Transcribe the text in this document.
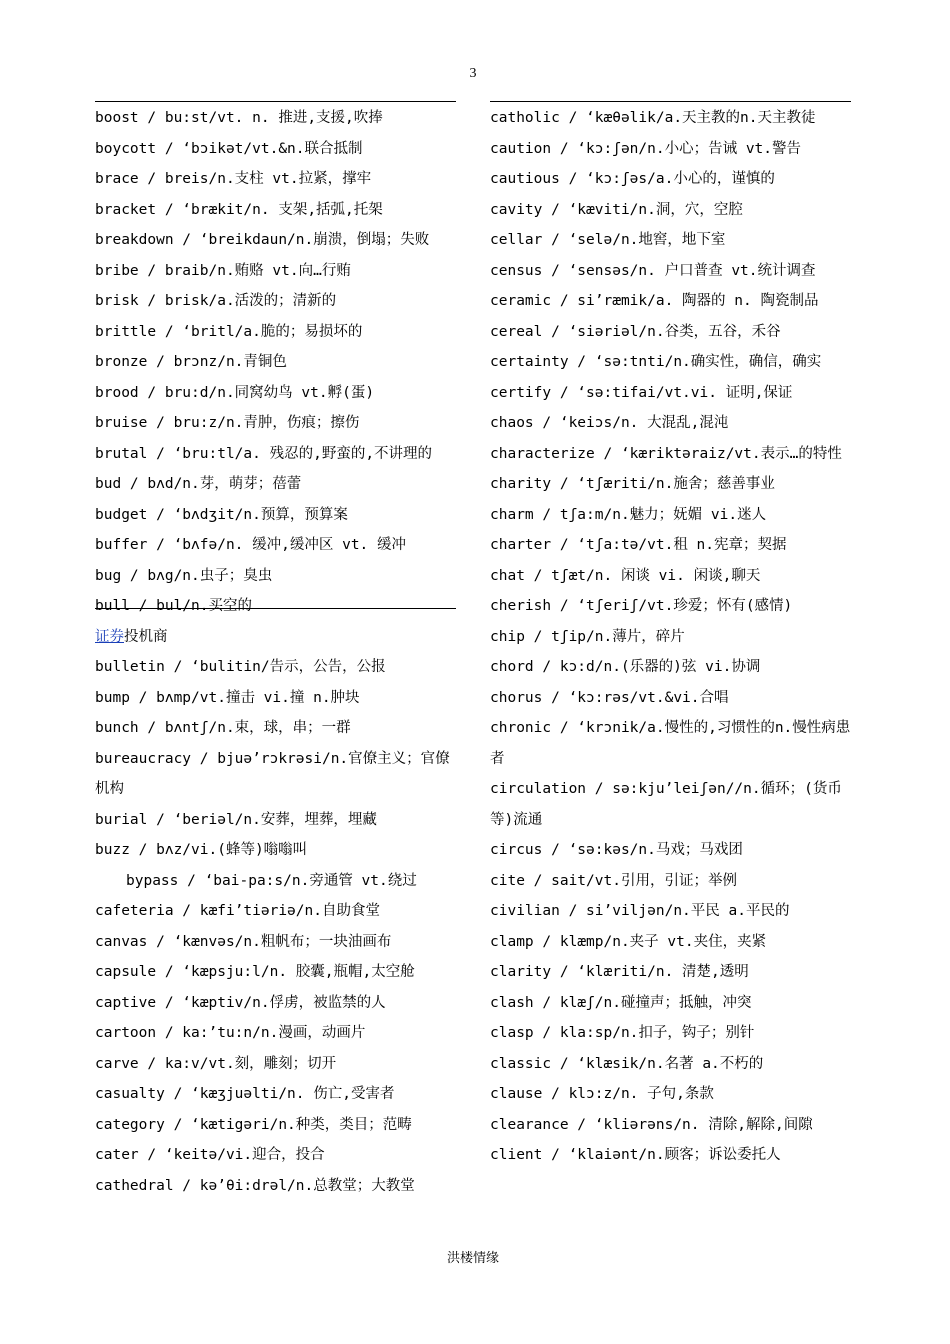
3
boost / bu:st/vt. n. 推进,支援,吹捧
boycott / ‘bɔikət/vt.&n.联合抵制
brace / breis/n.支柱 vt.拉紧，撑牢
bracket / ‘brækit/n. 支架,括弧,托架
breakdown / ‘breikdaun/n.崩溃，倒塌；失败
bribe / braib/n.贿赂 vt.向…行贿
brisk / brisk/a.活泼的；清新的
brittle / ‘britl/a.脆的；易损坏的
bronze / brɔnz/n.青铜色
brood / bru:d/n.同窝幼鸟 vt.孵(蛋)
bruise / bru:z/n.青肿，伤痕；擦伤
brutal / ‘bru:tl/a. 残忍的,野蛮的,不讲理的
bud / bʌd/n.芽，萌芽；蓓蕾
budget / ‘bʌdʒit/n.预算，预算案
buffer / ‘bʌfə/n. 缓冲,缓冲区 vt. 缓冲
bug / bʌg/n.虫子；臭虫
bull / bul/n.买空的
证券投机商
bulletin / ‘bulitin/告示，公告，公报
bump / bʌmp/vt.撞击 vi.撞 n.肿块
bunch / bʌntʃ/n.束，球，串；一群
bureaucracy / bjuə’rɔkrəsi/n.官僚主义；官僚机构
burial / ‘beriəl/n.安葬，埋葬，埋藏
buzz / bʌz/vi.(蜂等)嗡嗡叫
bypass / ‘bai-pa:s/n.旁通管 vt.绕过
cafeteria / kæfi’tiəriə/n.自助食堂
canvas / ‘kænvəs/n.粗帆布；一块油画布
capsule / ‘kæpsju:l/n. 胶囊,瓶帽,太空舱
captive / ‘kæptiv/n.俘虏，被监禁的人
cartoon / ka:’tu:n/n.漫画，动画片
carve / ka:v/vt.刻，雕刻；切开
casualty / ‘kæʒjuəlti/n. 伤亡,受害者
category / ‘kætigəri/n.种类，类目；范畴
cater / ‘keitə/vi.迎合，投合
cathedral / kə’θi:drəl/n.总教堂；大教堂
catholic / ‘kæθəlik/a.天主教的n.天主教徒
caution / ‘kɔ:ʃən/n.小心；告诫 vt.警告
cautious / ‘kɔ:ʃəs/a.小心的，谨慎的
cavity / ‘kæviti/n.洞，穴，空腔
cellar / ‘selə/n.地窖，地下室
census / ‘sensəs/n. 户口普查 vt.统计调查
ceramic / si’ræmik/a. 陶器的 n. 陶瓷制品
cereal / ‘siəriəl/n.谷类，五谷，禾谷
certainty / ‘sə:tnti/n.确实性，确信，确实
certify / ‘sə:tifai/vt.vi. 证明,保证
chaos / ‘keiɔs/n. 大混乱,混沌
characterize / ‘kæriktəraiz/vt.表示…的特性
charity / ‘tʃæriti/n.施舍；慈善事业
charm / tʃa:m/n.魅力；妩媚 vi.迷人
charter / ‘tʃa:tə/vt.租 n.宪章；契据
chat / tʃæt/n. 闲谈 vi. 闲谈,聊天
cherish / ‘tʃeriʃ/vt.珍爱；怀有(感情)
chip / tʃip/n.薄片，碎片
chord / kɔ:d/n.(乐器的)弦 vi.协调
chorus / ‘kɔ:rəs/vt.&vi.合唱
chronic / ‘krɔnik/a.慢性的,习惯性的n.慢性病患者
circulation / sə:kju’leiʃən//n.循环；(货币等)流通
circus / ‘sə:kəs/n.马戏；马戏团
cite / sait/vt.引用，引证；举例
civilian / si’viljən/n.平民 a.平民的
clamp / klæmp/n.夹子 vt.夹住，夹紧
clarity / ‘klæriti/n. 清楚,透明
clash / klæʃ/n.碰撞声；抵触，冲突
clasp / kla:sp/n.扣子，钩子；别针
classic / ‘klæsik/n.名著 a.不朽的
clause / klɔ:z/n. 子句,条款
clearance / ‘kliərəns/n. 清除,解除,间隙
client / ‘klaiənt/n.顾客；诉讼委托人
洪楼情缘
